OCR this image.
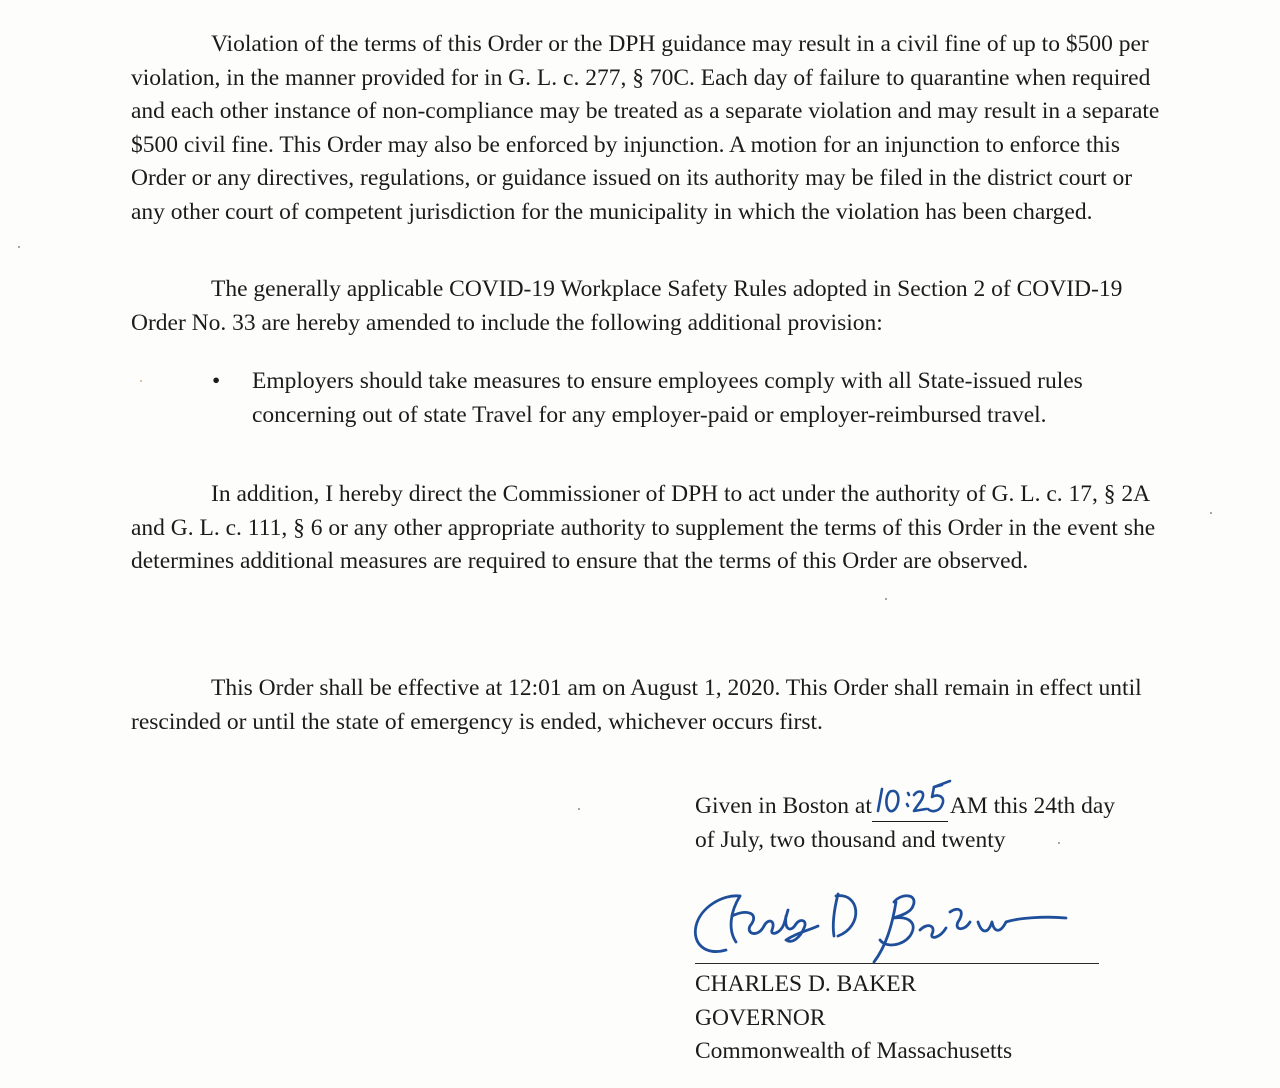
Violation of the terms of this Order or the DPH guidance may result in a civil fine of up to $500 per violation, in the manner provided for in G. L. c. 277, § 70C. Each day of failure to quarantine when required and each other instance of non-compliance may be treated as a separate violation and may result in a separate $500 civil fine. This Order may also be enforced by injunction. A motion for an injunction to enforce this Order or any directives, regulations, or guidance issued on its authority may be filed in the district court or any other court of competent jurisdiction for the municipality in which the violation has been charged.

The generally applicable COVID-19 Workplace Safety Rules adopted in Section 2 of COVID-19 Order No. 33 are hereby amended to include the following additional provision:

•	Employers should take measures to ensure employees comply with all State-issued rules concerning out of state Travel for any employer-paid or employer-reimbursed travel.

In addition, I hereby direct the Commissioner of DPH to act under the authority of G. L. c. 17, § 2A and G. L. c. 111, § 6 or any other appropriate authority to supplement the terms of this Order in the event she determines additional measures are required to ensure that the terms of this Order are observed.

This Order shall be effective at 12:01 am on August 1, 2020. This Order shall remain in effect until rescinded or until the state of emergency is ended, whichever occurs first.

Given in Boston at	AM this 24th day
of July, two thousand and twenty
CHARLES D. BAKER
GOVERNOR
Commonwealth of Massachusetts
